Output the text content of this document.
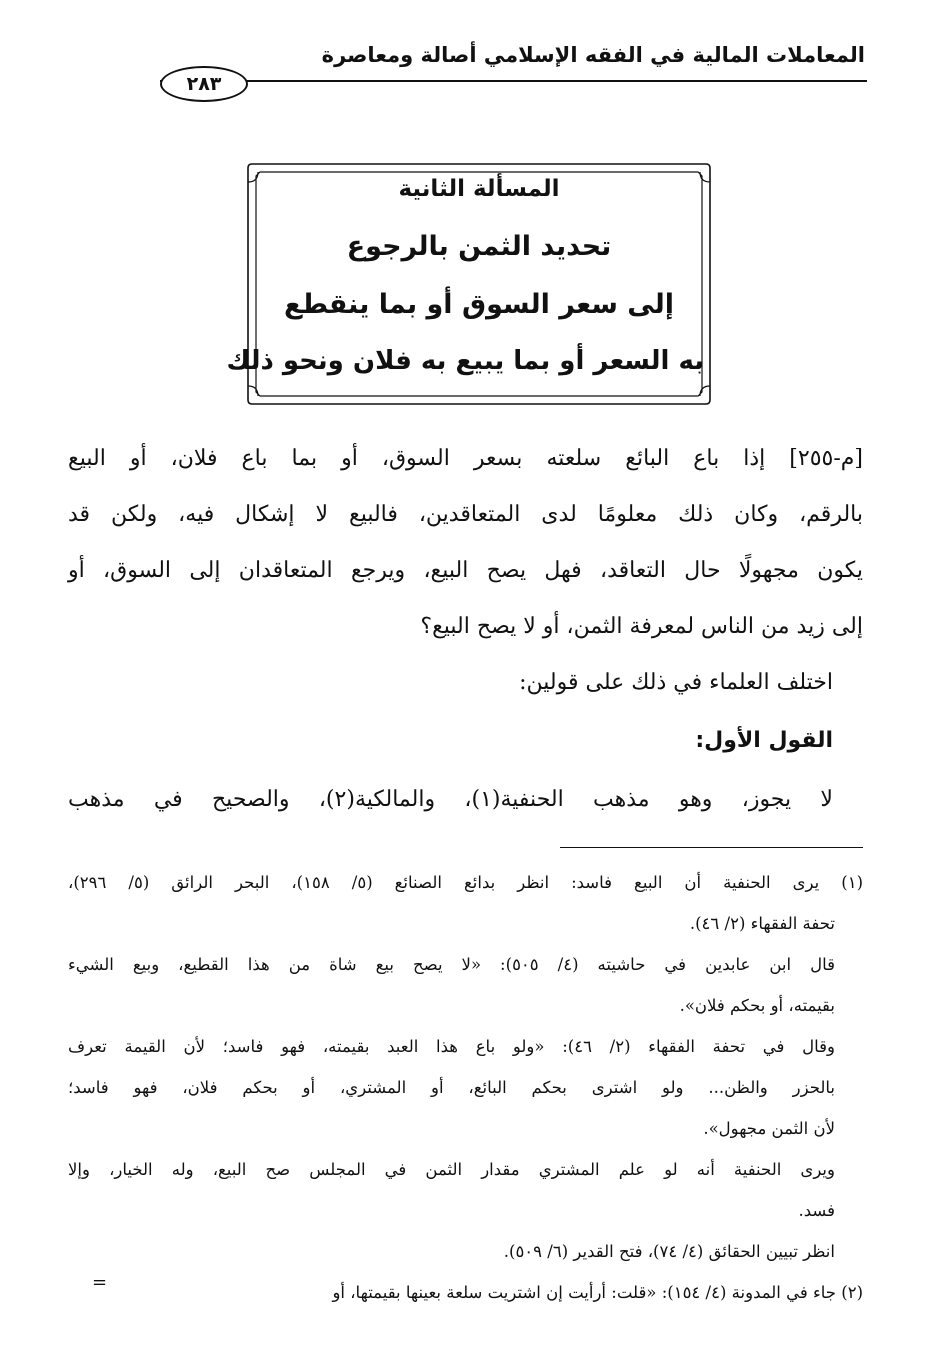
المعاملات المالية في الفقه الإسلامي أصالة ومعاصرة
٢٨٣
المسألة الثانية
تحديد الثمن بالرجوع
إلى سعر السوق أو بما ينقطع
به السعر أو بما يبيع به فلان ونحو ذلك
[م-٢٥٥] إذا باع البائع سلعته بسعر السوق، أو بما باع فلان، أو البيع
بالرقم، وكان ذلك معلومًا لدى المتعاقدين، فالبيع لا إشكال فيه، ولكن قد
يكون مجهولًا حال التعاقد، فهل يصح البيع، ويرجع المتعاقدان إلى السوق، أو
إلى زيد من الناس لمعرفة الثمن، أو لا يصح البيع؟
اختلف العلماء في ذلك على قولين:
القول الأول:
لا يجوز، وهو مذهب الحنفية(١)، والمالكية(٢)، والصحيح في مذهب
(١) يرى الحنفية أن البيع فاسد: انظر بدائع الصنائع (٥/ ١٥٨)، البحر الرائق (٥/ ٢٩٦)،
تحفة الفقهاء (٢/ ٤٦).
قال ابن عابدين في حاشيته (٤/ ٥٠٥): «لا يصح بيع شاة من هذا القطيع، وبيع الشيء
بقيمته، أو بحكم فلان».
وقال في تحفة الفقهاء (٢/ ٤٦): «ولو باع هذا العبد بقيمته، فهو فاسد؛ لأن القيمة تعرف
بالحزر والظن... ولو اشترى بحكم البائع، أو المشتري، أو بحكم فلان، فهو فاسد؛
لأن الثمن مجهول».
ويرى الحنفية أنه لو علم المشتري مقدار الثمن في المجلس صح البيع، وله الخيار، وإلا
فسد.
انظر تبيين الحقائق (٤/ ٧٤)، فتح القدير (٦/ ٥٠٩).
(٢) جاء في المدونة (٤/ ١٥٤): «قلت: أرأيت إن اشتريت سلعة بعينها بقيمتها، أو
=
